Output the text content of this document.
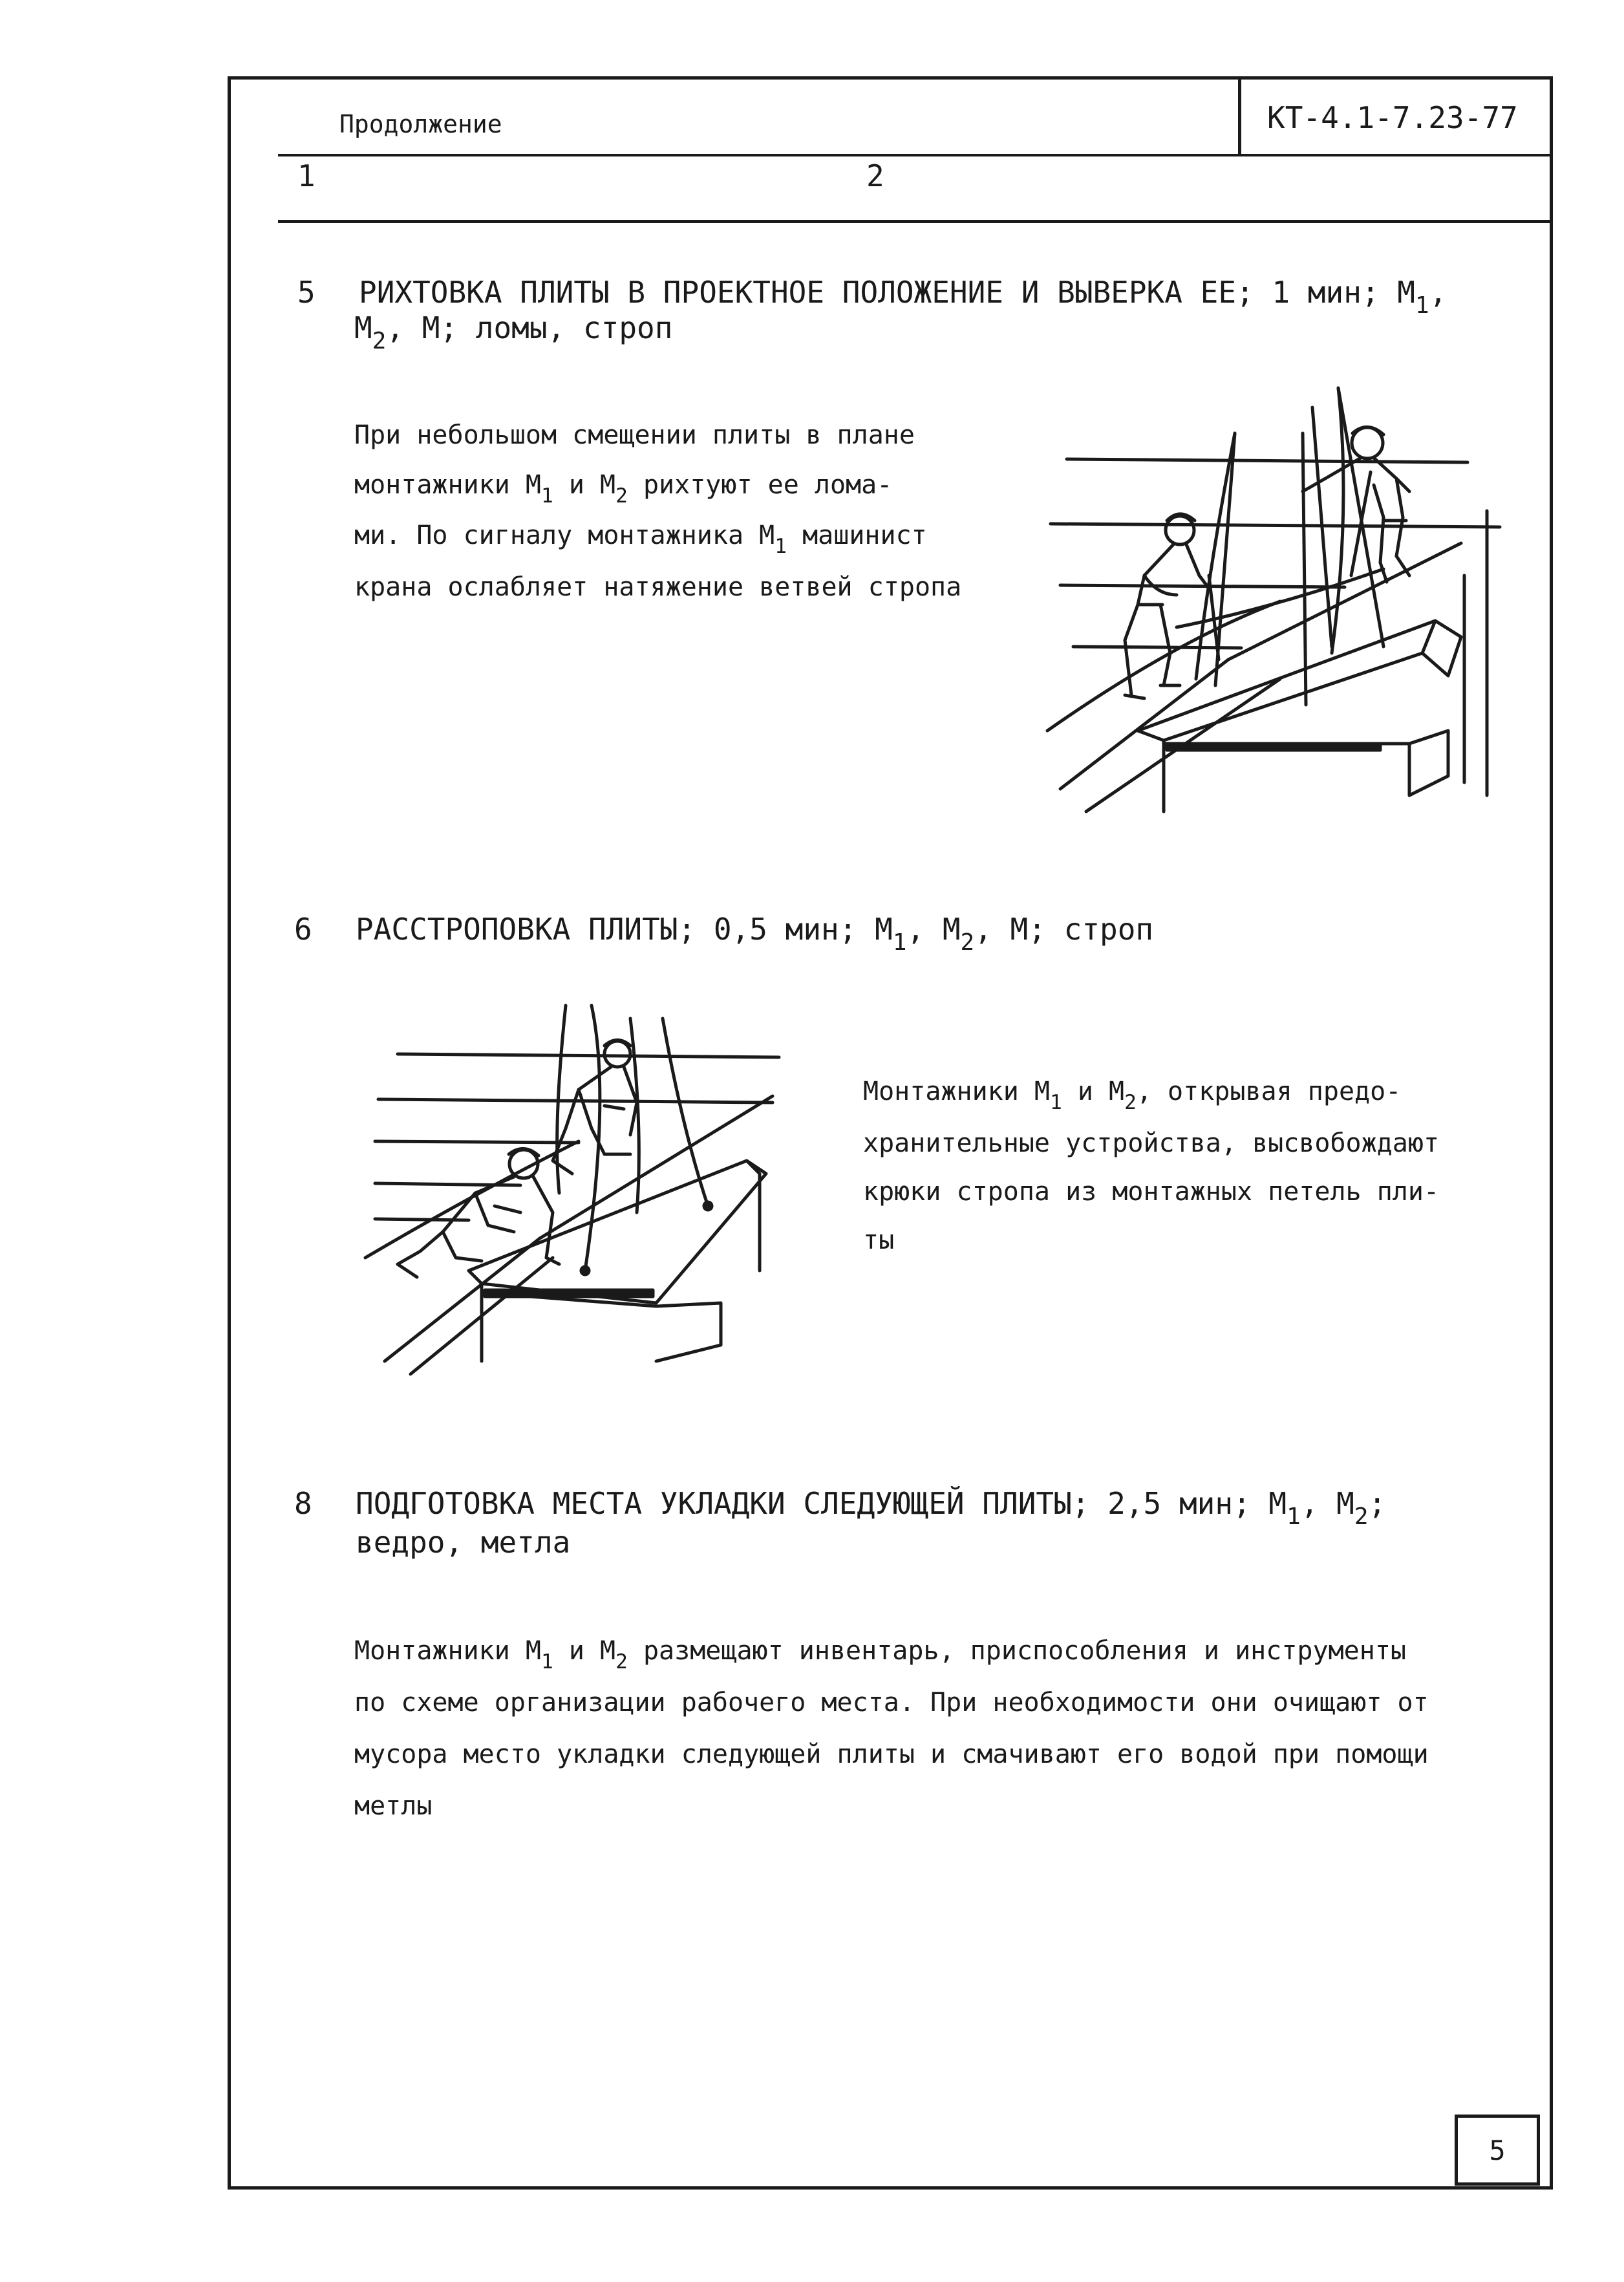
Продолжение	КТ-4.1-7.23-77
1	2
5 РИХТОВКА ПЛИТЫ В ПРОЕКТНОЕ ПОЛОЖЕНИЕ И ВЫВЕРКА ЕЕ; 1 мин; $М_1$,
$М_2$, М; ломы, строп
При небольшом смещении плиты в плане
монтажники $М_1$ и $М_2$ рихтуют ее лома-
ми. По сигналу монтажника $М_1$ машинист
крана ослабляет натяжение ветвей стропа
6 РАССТРОПОВКА ПЛИТЫ; 0,5 мин; $М_1$, $М_2$, М; строп
Монтажники $М_1$ и $М_2$, открывая предо-
хранительные устройства, высвобождают
крюки стропа из монтажных петель пли-
ты
8 ПОДГОТОВКА МЕСТА УКЛАДКИ СЛЕДУЮЩЕЙ ПЛИТЫ; 2,5 мин; $М_1$, $М_2$;
ведро, метла
Монтажники $М_1$ и $М_2$ размещают инвентарь, приспособления и инструменты
по схеме организации рабочего места. При необходимости они очищают от
мусора место укладки следующей плиты и смачивают его водой при помощи
метлы
5
